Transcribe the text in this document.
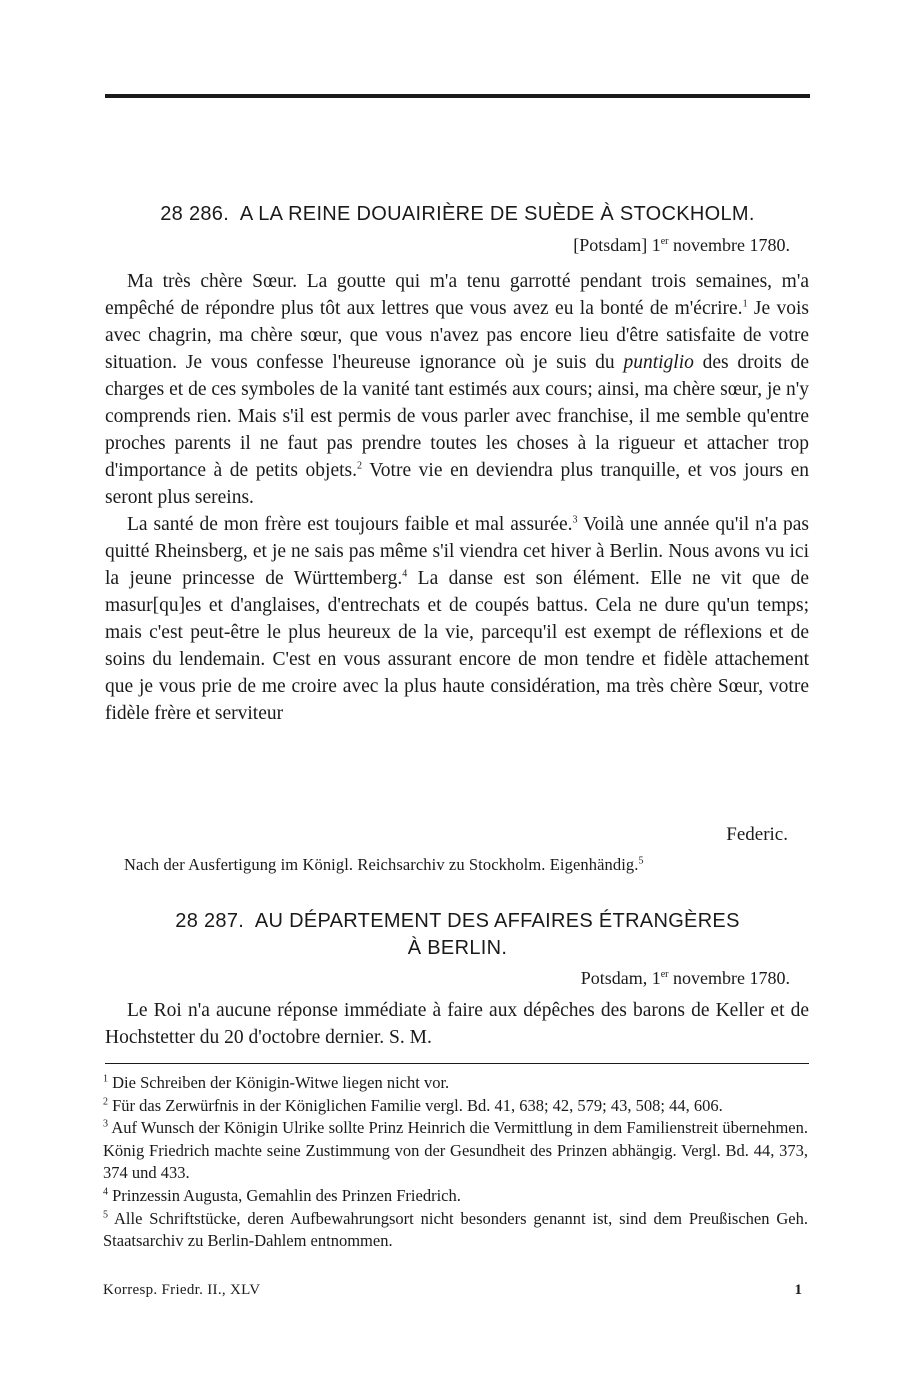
28 286. A LA REINE DOUAIRIÈRE DE SUÈDE À STOCKHOLM.
[Potsdam] 1er novembre 1780.

Ma très chère Sœur. La goutte qui m'a tenu garrotté pendant trois semaines, m'a empêché de répondre plus tôt aux lettres que vous avez eu la bonté de m'écrire.$^1$ Je vois avec chagrin, ma chère sœur, que vous n'avez pas encore lieu d'être satisfaite de votre situation. Je vous confesse l'heureuse ignorance où je suis du puntiglio des droits de charges et de ces symboles de la vanité tant estimés aux cours; ainsi, ma chère sœur, je n'y comprends rien. Mais s'il est permis de vous parler avec franchise, il me semble qu'entre proches parents il ne faut pas prendre toutes les choses à la rigueur et attacher trop d'importance à de petits objets.$^2$ Votre vie en deviendra plus tranquille, et vos jours en seront plus sereins.

La santé de mon frère est toujours faible et mal assurée.$^3$ Voilà une année qu'il n'a pas quitté Rheinsberg, et je ne sais pas même s'il viendra cet hiver à Berlin. Nous avons vu ici la jeune princesse de Württemberg.$^4$ La danse est son élément. Elle ne vit que de masur[qu]es et d'anglaises, d'entrechats et de coupés battus. Cela ne dure qu'un temps; mais c'est peut-être le plus heureux de la vie, parcequ'il est exempt de réflexions et de soins du lendemain. C'est en vous assurant encore de mon tendre et fidèle attachement que je vous prie de me croire avec la plus haute considération, ma très chère Sœur, votre fidèle frère et serviteur

Federic.
Nach der Ausfertigung im Königl. Reichsarchiv zu Stockholm. Eigenhändig.$^5$
28 287. AU DÉPARTEMENT DES AFFAIRES ÉTRANGÈRES
À BERLIN.
Potsdam, 1er novembre 1780.

Le Roi n'a aucune réponse immédiate à faire aux dépêches des barons de Keller et de Hochstetter du 20 d'octobre dernier. S. M.

$^1$ Die Schreiben der Königin-Witwe liegen nicht vor.
$^2$ Für das Zerwürfnis in der Königlichen Familie vergl. Bd. 41, 638; 42, 579; 43, 508; 44, 606.
$^3$ Auf Wunsch der Königin Ulrike sollte Prinz Heinrich die Vermittlung in dem Familienstreit übernehmen. König Friedrich machte seine Zustimmung von der Gesundheit des Prinzen abhängig. Vergl. Bd. 44, 373, 374 und 433.
$^4$ Prinzessin Augusta, Gemahlin des Prinzen Friedrich.
$^5$ Alle Schriftstücke, deren Aufbewahrungsort nicht besonders genannt ist, sind dem Preußischen Geh. Staatsarchiv zu Berlin-Dahlem entnommen.
Korresp. Friedr. II., XLV	1
